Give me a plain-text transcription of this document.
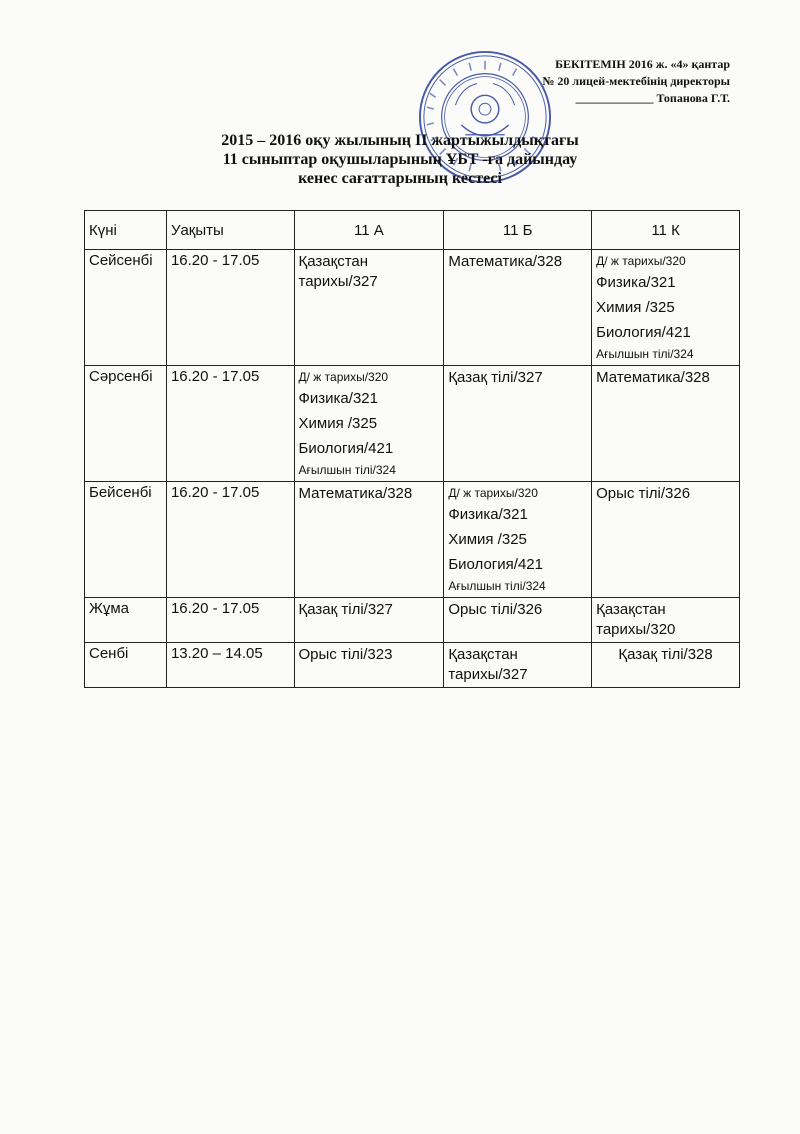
БЕКІТЕМІН 2016 ж. «4» қантар
№ 20 лицей-мектебінің директоры
_____________ Топанова Г.Т.
2015 – 2016 оқу жылының II жартыжылдықтағы
11 сыныптар оқушыларының ҰБТ -ға дайындау
кенес сағаттарының кестесі
Күні	Уақыты	11 А	11 Б	11 К
Сейсенбі	16.20 - 17.05	Қазақстан тарихы/327	Математика/328	Д/ ж тарихы/320
Физика/321
Химия /325
Биология/421
Ағылшын тілі/324

Сәрсенбі	16.20 - 17.05	Д/ ж тарихы/320
Физика/321
Химия /325
Биология/421
Ағылшын тілі/324	Қазақ тілі/327	Математика/328

Бейсенбі	16.20 - 17.05	Математика/328	Д/ ж тарихы/320
Физика/321
Химия /325
Биология/421
Ағылшын тілі/324	Орыс тілі/326

Жұма	16.20 - 17.05	Қазақ тілі/327	Орыс тілі/326	Қазақстан тарихы/320

Сенбі	13.20 – 14.05	Орыс тілі/323	Қазақстан тарихы/327	Қазақ тілі/328
